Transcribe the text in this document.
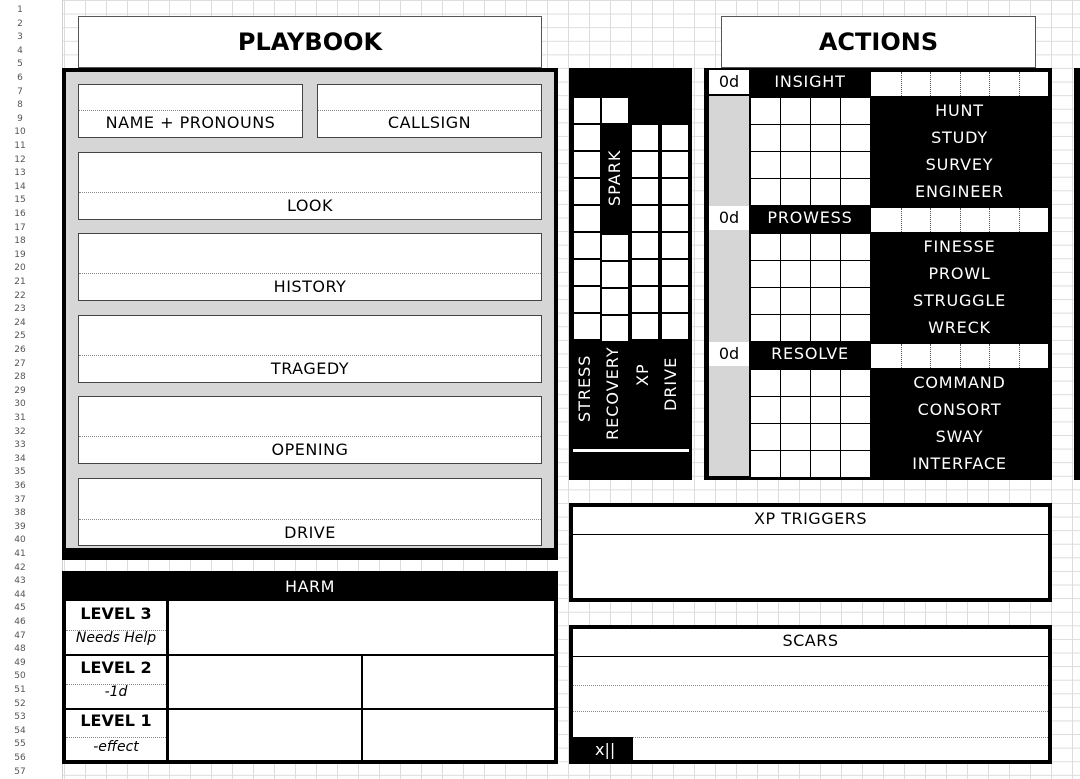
1
2
3
4
5
6
7
8
9
10
11
12
13
14
15
16
17
18
19
20
21
22
23
24
25
26
27
28
29
30
31
32
33
34
35
36
37
38
39
40
41
42
43
44
45
46
47
48
49
50
51
52
53
54
55
56
57
PLAYBOOK
NAME + PRONOUNS	CALLSIGN
LOOK
HISTORY
TRAGEDY
OPENING
DRIVE
HARM
LEVEL 3
Needs Help
LEVEL 2
-1d
LEVEL 1
-effect
SPARK
STRESS RECOVERY XP DRIVE
ACTIONS
0d	INSIGHT
HUNT
STUDY
SURVEY
ENGINEER
0d	PROWESS
FINESSE
PROWL
STRUGGLE
WRECK
0d	RESOLVE
COMMAND
CONSORT
SWAY
INTERFACE
XP TRIGGERS
SCARS
x||
